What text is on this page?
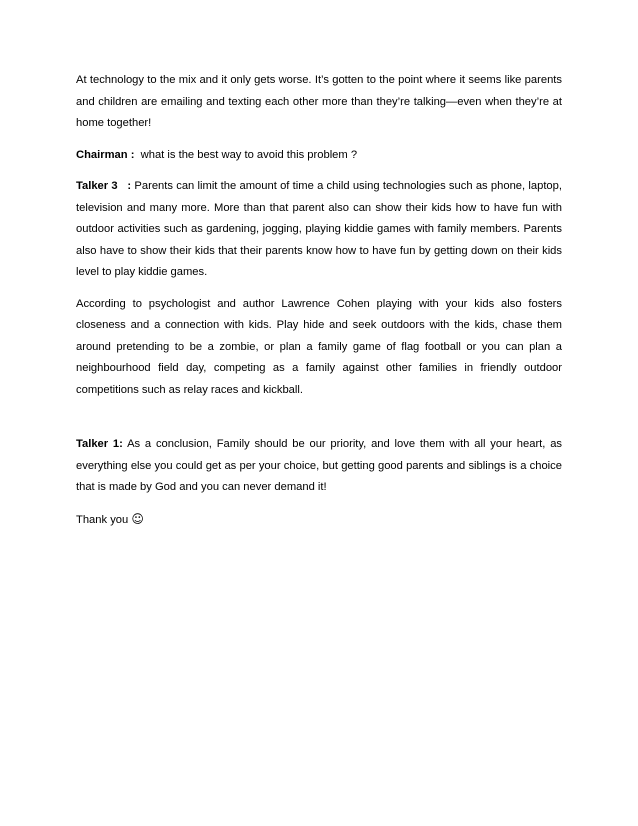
At technology to the mix and it only gets worse. It’s gotten to the point where it seems like parents and children are emailing and texting each other more than they’re talking—even when they’re at home together!

Chairman :  what is the best way to avoid this problem ?

Talker 3   : Parents can limit the amount of time a child using technologies such as phone, laptop, television and many more. More than that parent also can show their kids how to have fun with outdoor activities such as gardening, jogging, playing kiddie games with family members. Parents also have to show their kids that their parents know how to have fun by getting down on their kids level to play kiddie games.

According to psychologist and author Lawrence Cohen playing with your kids also fosters closeness and a connection with kids. Play hide and seek outdoors with the kids, chase them around pretending to be a zombie, or plan a family game of flag football or you can plan a neighbourhood field day, competing as a family against other families in friendly outdoor competitions such as relay races and kickball.

Talker 1: As a conclusion, Family should be our priority, and love them with all your heart, as everything else you could get as per your choice, but getting good parents and siblings is a choice that is made by God and you can never demand it!

Thank you ☺
